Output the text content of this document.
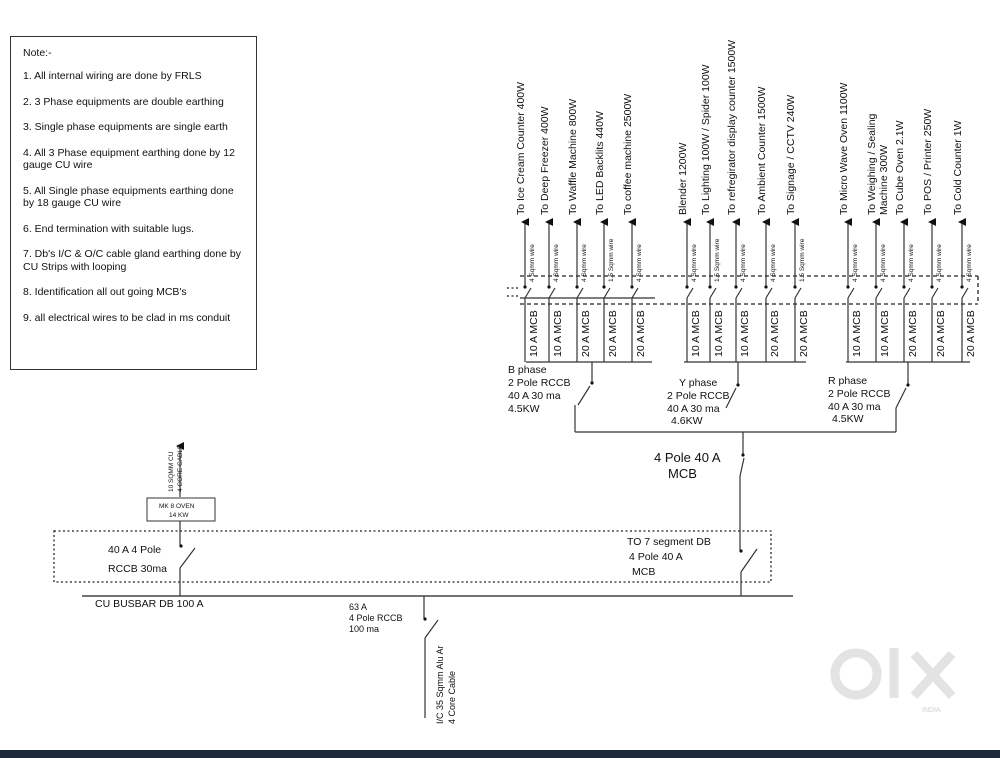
Note:-
1. All internal wiring are done by FRLS
2. 3 Phase equipments are double earthing
3. Single phase equipments are single earth
4. All 3 Phase equipment earthing done by 12 gauge CU wire
5. All Single phase equipments earthing done by 18 gauge CU wire
6. End termination with suitable lugs.
7. Db's I/C & O/C cable gland earthing done by CU Strips with looping
8. Identification all out going MCB's
9. all electrical wires to be clad in ms conduit
To Ice Cream Counter 400W
4 Sqmm wire
10 A MCB
To Deep Freezer 400W
4 Sqmm wire
10 A MCB
To Waffle Machine 800W
4 Sqmm wire
20 A MCB
To LED Backlits 440W
1.5 Sqmm wire
20 A MCB
To coffee machine 2500W
4 Sqmm wire
20 A MCB
Blender 1200W
4 Sqmm wire
10 A MCB
To Lighting 100W / Spider 100W
1.5 Sqmm wire
10 A MCB
To refregirator display counter 1500W
4 Sqmm wire
10 A MCB
To Ambient Counter 1500W
4 Sqmm wire
20 A MCB
To Signage / CCTV 240W
1.5 Sqmm wire
20 A MCB
To Micro Wave Oven 1100W
4 Sqmm wire
10 A MCB
To Weighing / Sealing Machine 300W
4 Sqmm wire
10 A MCB
To Cube Oven 2.1W
4 Sqmm wire
20 A MCB
To POS / Printer 250W
4 Sqmm wire
20 A MCB
To Cold Counter 1W
4 Sqmm wire
20 A MCB
4 Pole 40 A
MCB
40 A 4 Pole
RCCB 30ma
10 SQMM CU 4 CORE CABLE
MK 8 OVEN
14 KW
TO 7 segment DB
4 Pole 40 A
MCB
CU BUSBAR DB 100 A	63 A
4 Pole RCCB
100 ma
I/C 35 Sqmm Alu Ar 4 Core Cable
B phase
2 Pole RCCB
40 A 30 ma
4.5KW
Y phase
2 Pole RCCB
40 A 30 ma
4.6KW
R phase
2 Pole RCCB
40 A 30 ma
4.5KW
INDIA
